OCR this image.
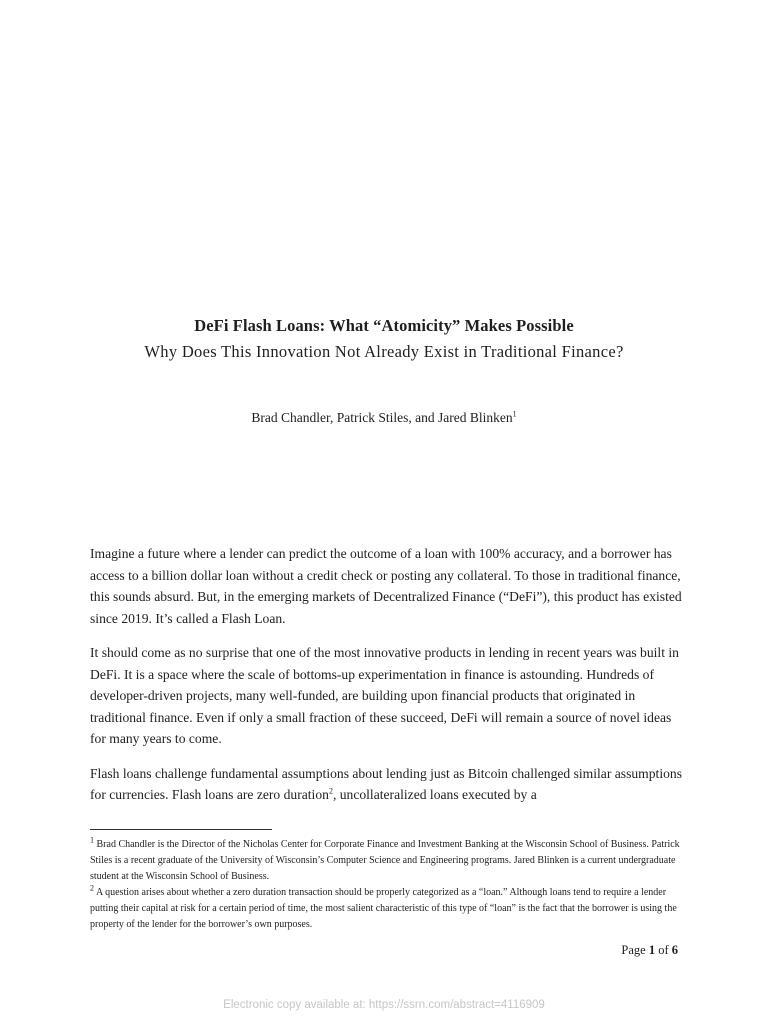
DeFi Flash Loans: What “Atomicity” Makes Possible
Why Does This Innovation Not Already Exist in Traditional Finance?
Brad Chandler, Patrick Stiles, and Jared Blinken$^1$

Imagine a future where a lender can predict the outcome of a loan with 100% accuracy, and a borrower has access to a billion dollar loan without a credit check or posting any collateral. To those in traditional finance, this sounds absurd. But, in the emerging markets of Decentralized Finance (“DeFi”), this product has existed since 2019. It’s called a Flash Loan.

It should come as no surprise that one of the most innovative products in lending in recent years was built in DeFi. It is a space where the scale of bottoms-up experimentation in finance is astounding. Hundreds of developer-driven projects, many well-funded, are building upon financial products that originated in traditional finance. Even if only a small fraction of these succeed, DeFi will remain a source of novel ideas for many years to come.

Flash loans challenge fundamental assumptions about lending just as Bitcoin challenged similar assumptions for currencies. Flash loans are zero duration$^2$, uncollateralized loans executed by a

$^1$ Brad Chandler is the Director of the Nicholas Center for Corporate Finance and Investment Banking at the Wisconsin School of Business. Patrick Stiles is a recent graduate of the University of Wisconsin’s Computer Science and Engineering programs. Jared Blinken is a current undergraduate student at the Wisconsin School of Business.

$^2$ A question arises about whether a zero duration transaction should be properly categorized as a “loan.” Although loans tend to require a lender putting their capital at risk for a certain period of time, the most salient characteristic of this type of “loan” is the fact that the borrower is using the property of the lender for the borrower’s own purposes.

Page 1 of 6
Electronic copy available at: https://ssrn.com/abstract=4116909
